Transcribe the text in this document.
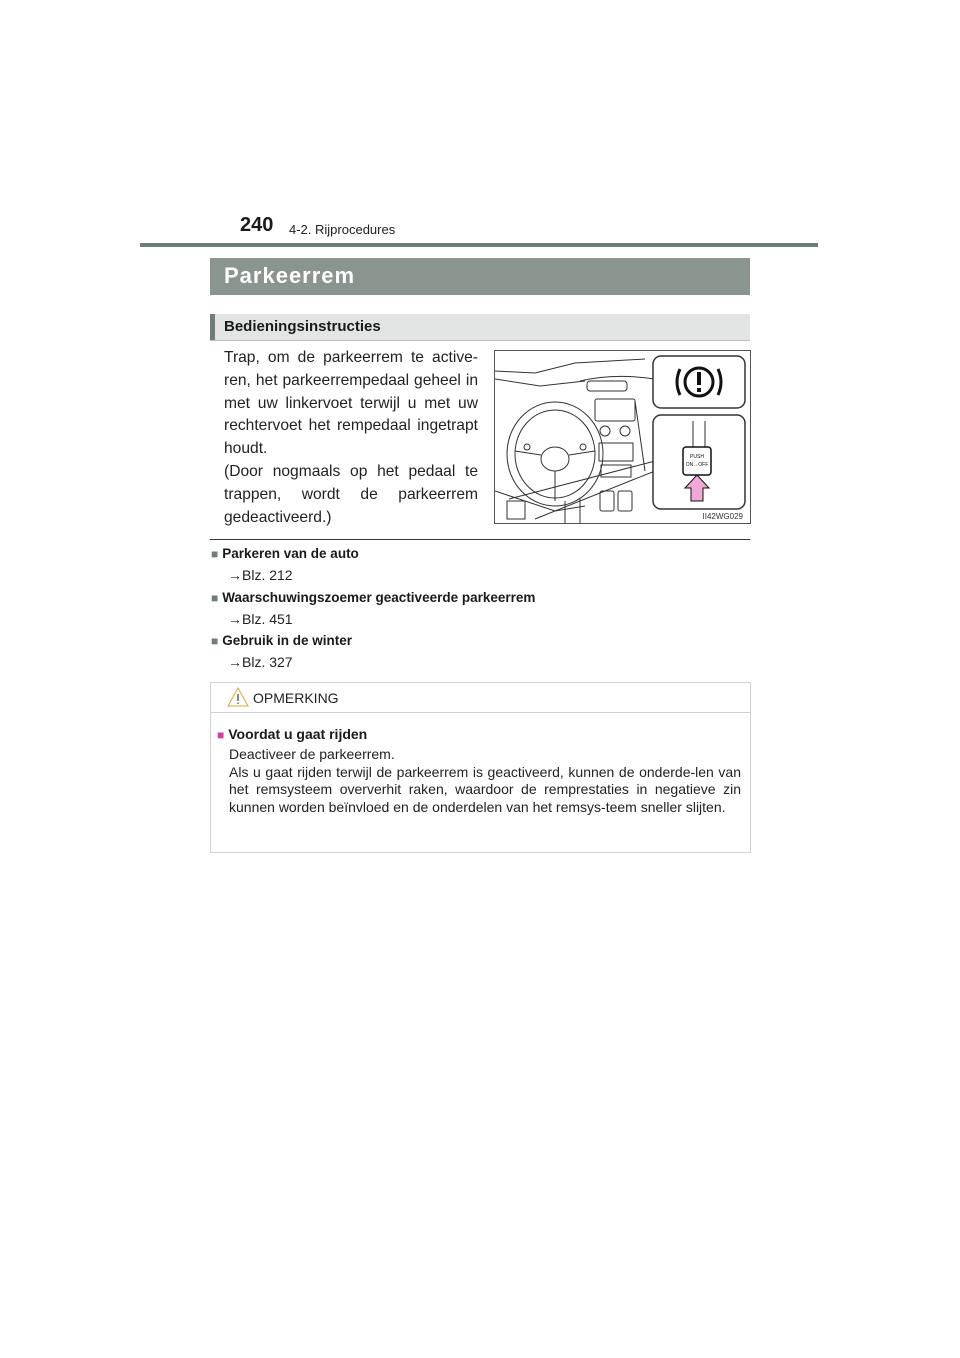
240 4-2. Rijprocedures
Parkeerrem
Bedieningsinstructies

Trap, om de parkeerrem te active-ren, het parkeerrempedaal geheel in met uw linkervoet terwijl u met uw rechtervoet het rempedaal ingetrapt houdt.

(Door nogmaals op het pedaal te trappen, wordt de parkeerrem gedeactiveerd.)

PUSH
ON↔OFF
II42WG029
■ Parkeren van de auto
→Blz. 212
■ Waarschuwingszoemer geactiveerde parkeerrem
→Blz. 451
■ Gebruik in de winter
→Blz. 327
OPMERKING
■ Voordat u gaat rijden

Deactiveer de parkeerrem.

Als u gaat rijden terwijl de parkeerrem is geactiveerd, kunnen de onderde-len van het remsysteem oververhit raken, waardoor de remprestaties in negatieve zin kunnen worden beïnvloed en de onderdelen van het remsys-teem sneller slijten.
